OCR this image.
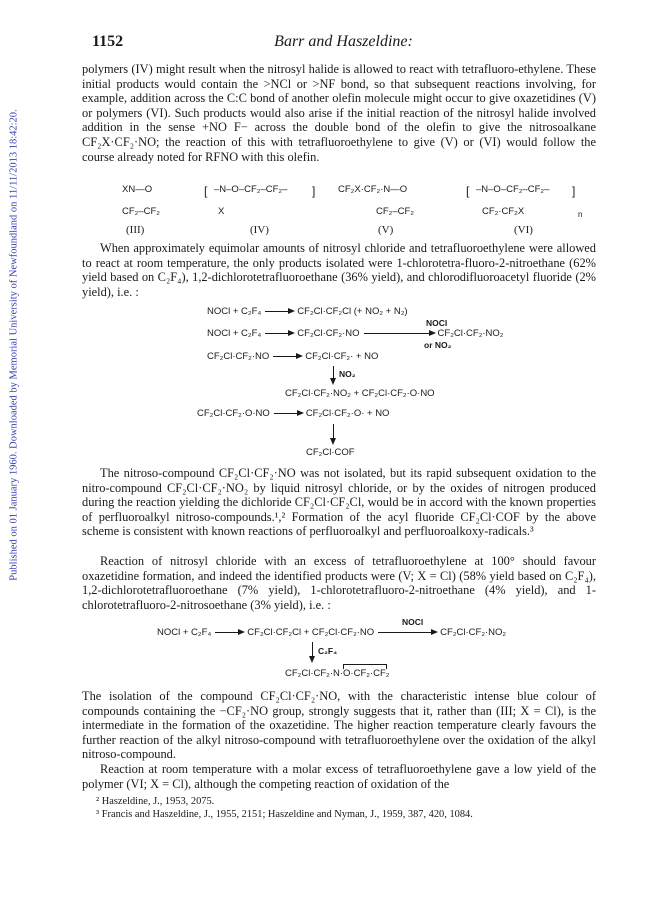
Published on 01 January 1960. Downloaded by Memorial University of Newfoundland on 11/11/2013 18:42:20.
1152	Barr and Haszeldine:

polymers (IV) might result when the nitrosyl halide is allowed to react with tetrafluoro-ethylene. These initial products would contain the >NCl or >NF bond, so that subsequent reactions involving, for example, addition across the C:C bond of another olefin molecule might occur to give oxazetidines (V) or polymers (VI). Such products would also arise if the initial reaction of the nitrosyl halide involved addition in the sense +NO F− across the double bond of the olefin to give the nitrosoalkane CF₂X·CF₂·NO; the reaction of this with tetrafluoroethylene to give (V) or (VI) would follow the course already noted for RFNO with this olefin.

XN—O
CF₂–CF₂
(III)
[ –N–O–CF₂–CF₂–
X
]
(IV)
CF₂X·CF₂·N—O
CF₂–CF₂
(V)
[ –N–O–CF₂–CF₂–
CF₂·CF₂X
]
n
(VI)

When approximately equimolar amounts of nitrosyl chloride and tetrafluoroethylene were allowed to react at room temperature, the only products isolated were 1-chlorotetra-fluoro-2-nitroethane (62% yield based on C₂F₄), 1,2-dichlorotetrafluoroethane (36% yield), and chlorodifluoroacetyl fluoride (2% yield), i.e. :

NOCl + C₂F₄	CF₂Cl·CF₂Cl (+ NO₂ + N₂)
NOCl
NOCl + C₂F₄	CF₂Cl·CF₂·NO	CF₂Cl·CF₂·NO₂
or NO₂
CF₂Cl·CF₂·NO	CF₂Cl·CF₂· + NO
NO₂
CF₂Cl·CF₂·NO₂ + CF₂Cl·CF₂·O·NO
CF₂Cl·CF₂·O·NO	CF₂Cl·CF₂·O· + NO
CF₂Cl·COF

The nitroso-compound CF₂Cl·CF₂·NO was not isolated, but its rapid subsequent oxidation to the nitro-compound CF₂Cl·CF₂·NO₂ by liquid nitrosyl chloride, or by the oxides of nitrogen produced during the reaction yielding the dichloride CF₂Cl·CF₂Cl, would be in accord with the known properties of perfluoroalkyl nitroso-compounds.¹,² Formation of the acyl fluoride CF₂Cl·COF by the above scheme is consistent with known reactions of perfluoroalkyl and perfluoroalkoxy-radicals.³

Reaction of nitrosyl chloride with an excess of tetrafluoroethylene at 100° should favour oxazetidine formation, and indeed the identified products were (V; X = Cl) (58% yield based on C₂F₄), 1,2-dichlorotetrafluoroethane (7% yield), 1-chlorotetrafluoro-2-nitroethane (4% yield), and 1-chlorotetrafluoro-2-nitrosoethane (3% yield), i.e. :

NOCl
NOCl + C₂F₄	CF₂Cl·CF₂Cl + CF₂Cl·CF₂·NO	CF₂Cl·CF₂·NO₂
C₂F₄
CF₂Cl·CF₂·N·O·CF₂·CF₂

The isolation of the compound CF₂Cl·CF₂·NO, with the characteristic intense blue colour of compounds containing the −CF₂·NO group, strongly suggests that it, rather than (III; X = Cl), is the intermediate in the formation of the oxazetidine. The higher reaction temperature clearly favours the further reaction of the alkyl nitroso-compound with tetrafluoroethylene over the oxidation of the alkyl nitroso-compound.

Reaction at room temperature with a molar excess of tetrafluoroethylene gave a low yield of the polymer (VI; X = Cl), although the competing reaction of oxidation of the

² Haszeldine, J., 1953, 2075.
³ Francis and Haszeldine, J., 1955, 2151; Haszeldine and Nyman, J., 1959, 387, 420, 1084.
